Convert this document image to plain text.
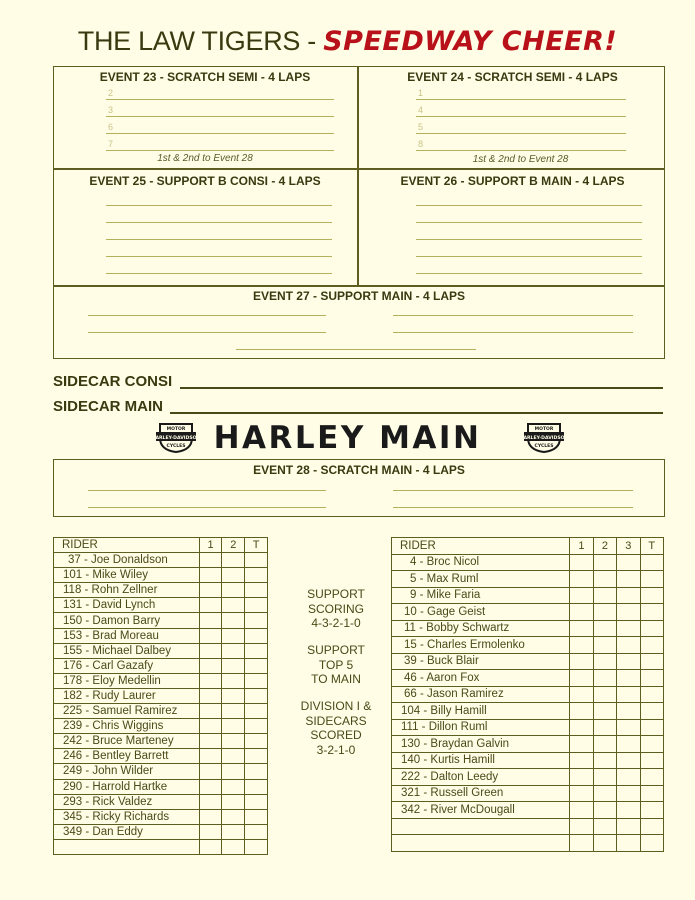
THE LAW TIGERS - SPEEDWAY CHEER!
EVENT 23 - SCRATCH SEMI - 4 LAPS
2
3
6
7
1st & 2nd to Event 28
EVENT 24 - SCRATCH SEMI - 4 LAPS
1
4
5
8
1st & 2nd to Event 28
EVENT 25 - SUPPORT B CONSI - 4 LAPS	EVENT 26 - SUPPORT B MAIN - 4 LAPS
EVENT 27 - SUPPORT MAIN - 4 LAPS
SIDECAR CONSI
SIDECAR MAIN
HARLEY-DAVIDSON
MOTOR
CYCLES HARLEY MAIN	HARLEY-DAVIDSON
MOTOR
CYCLES
EVENT 28 - SCRATCH MAIN - 4 LAPS
RIDER	1	2	T
37 - Joe Donaldson			
101 - Mike Wiley			
118 - Rohn Zellner			
131 - David Lynch			
150 - Damon Barry			
153 - Brad Moreau			
155 - Michael Dalbey			
176 - Carl Gazafy			
178 - Eloy Medellin			
182 - Rudy Laurer			
225 - Samuel Ramirez			
239 - Chris Wiggins			
242 - Bruce Marteney			
246 - Bentley Barrett			
249 - John Wilder			
290 - Harrold Hartke			
293 - Rick Valdez			
345 - Ricky Richards			
349 - Dan Eddy			

SUPPORT
SCORING
4-3-2-1-0
SUPPORT
TOP 5
TO MAIN
DIVISION I &
SIDECARS
SCORED
3-2-1-0
RIDER	1	2	3	T
4 - Broc Nicol				
5 - Max Ruml				
9 - Mike Faria				
10 - Gage Geist				
11 - Bobby Schwartz				
15 - Charles Ermolenko				
39 - Buck Blair				
46 - Aaron Fox				
66 - Jason Ramirez				
104 - Billy Hamill				
111 - Dillon Ruml				
130 - Braydan Galvin				
140 - Kurtis Hamill				
222 - Dalton Leedy				
321 - Russell Green				
342 - River McDougall				
